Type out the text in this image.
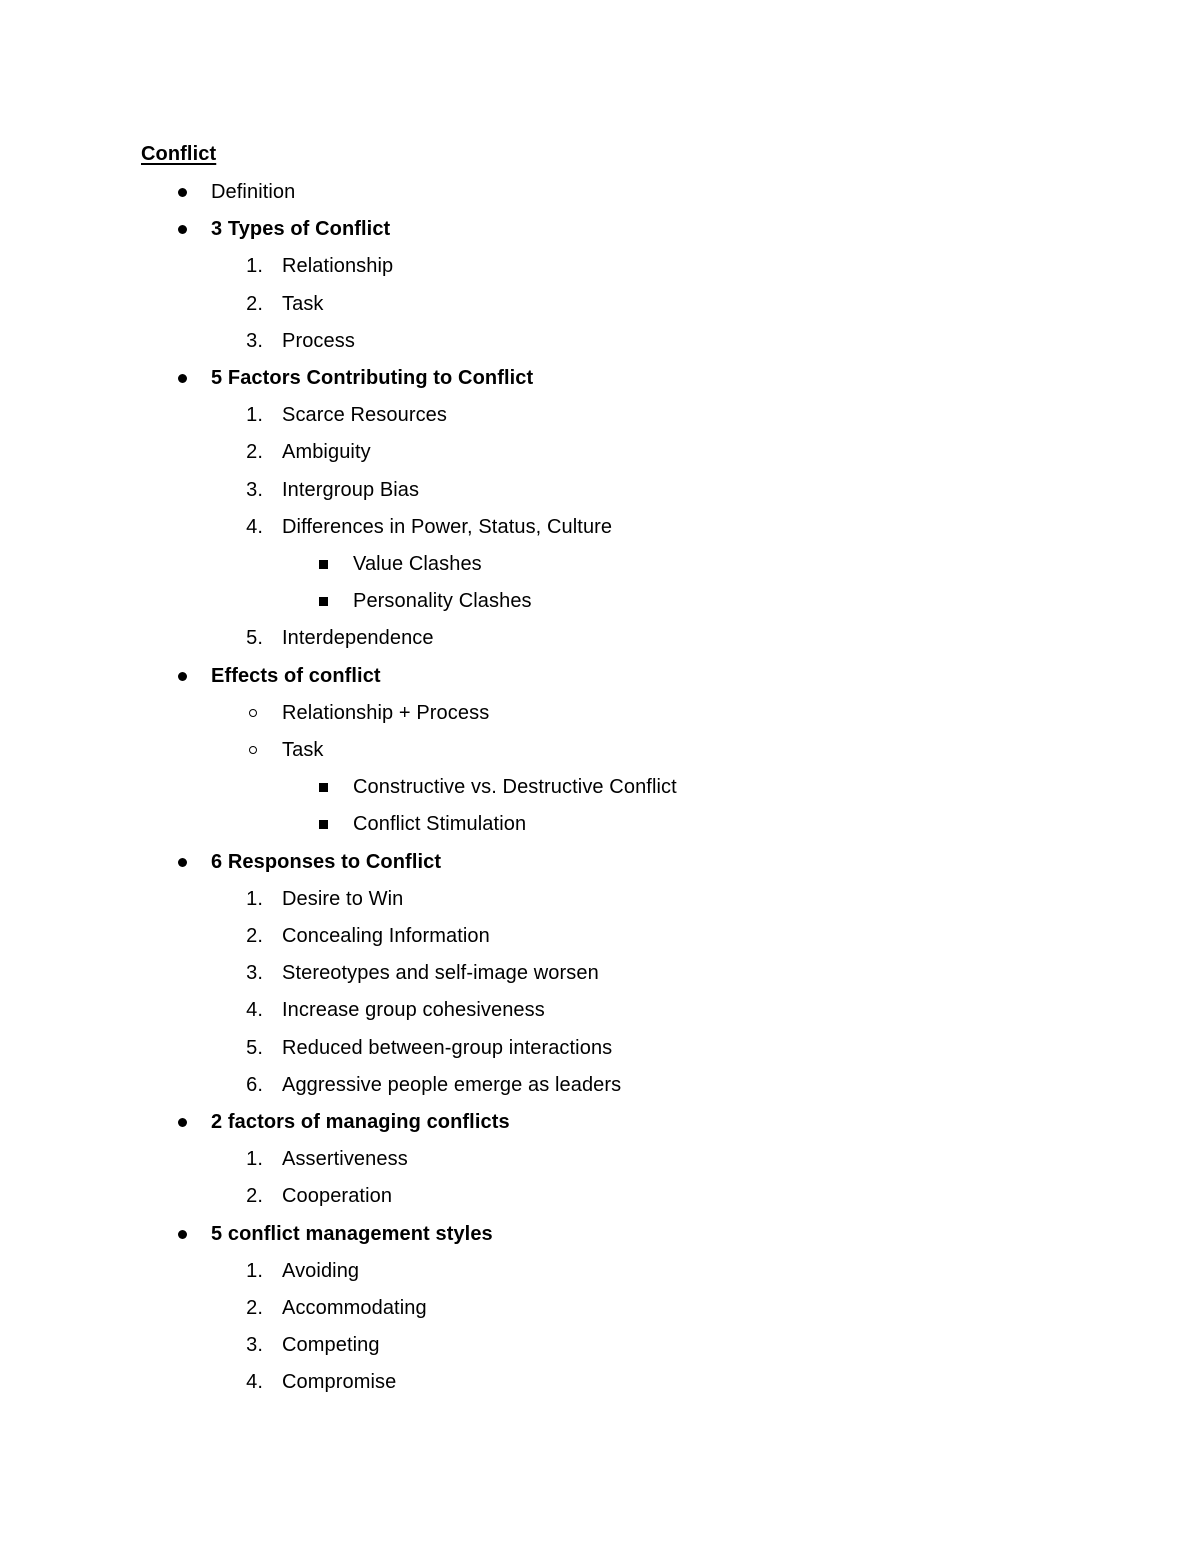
Conflict
Definition
3 Types of Conflict
1. Relationship
2. Task
3. Process
5 Factors Contributing to Conflict
1. Scarce Resources
2. Ambiguity
3. Intergroup Bias
4. Differences in Power, Status, Culture
Value Clashes
Personality Clashes
5. Interdependence
Effects of conflict
Relationship + Process
Task
Constructive vs. Destructive Conflict
Conflict Stimulation
6 Responses to Conflict
1. Desire to Win
2. Concealing Information
3. Stereotypes and self-image worsen
4. Increase group cohesiveness
5. Reduced between-group interactions
6. Aggressive people emerge as leaders
2 factors of managing conflicts
1. Assertiveness
2. Cooperation
5 conflict management styles
1. Avoiding
2. Accommodating
3. Competing
4. Compromise
